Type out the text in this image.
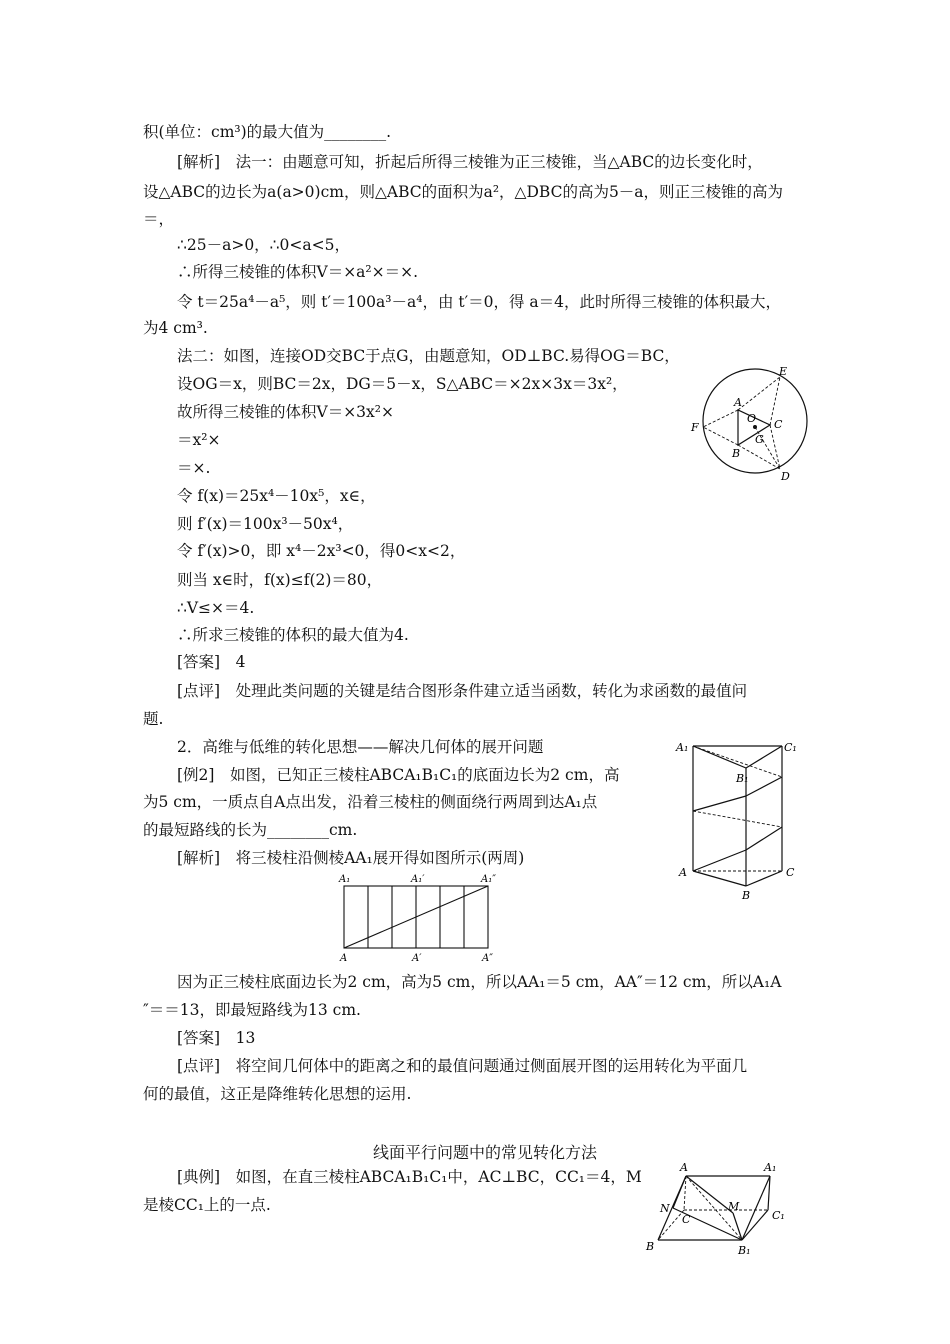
积(单位：cm³)的最大值为________.
[解析]　法一：由题意可知，折起后所得三棱锥为正三棱锥，当△ABC的边长变化时，
设△ABC的边长为a(a>0)cm，则△ABC的面积为a²，△DBC的高为5－a，则正三棱锥的高为
＝，
∴25－a>0，∴0<a<5，
∴所得三棱锥的体积V＝×a²×＝×.
令 t＝25a⁴－a⁵，则 t′＝100a³－a⁴，由 t′＝0，得 a＝4，此时所得三棱锥的体积最大，
为4 cm³.
法二：如图，连接OD交BC于点G，由题意知，OD⊥BC.易得OG＝BC，
设OG＝x，则BC＝2x，DG＝5－x，S△ABC＝×2x×3x＝3x²，
故所得三棱锥的体积V＝×3x²×
＝x²×
＝×.
令 f(x)＝25x⁴－10x⁵，x∈，
则 f′(x)＝100x³－50x⁴，
令 f′(x)>0，即 x⁴－2x³<0，得0<x<2，
则当 x∈时，f(x)≤f(2)＝80，
∴V≤×＝4.
∴所求三棱锥的体积的最大值为4.
[答案]　4
[点评]　处理此类问题的关键是结合图形条件建立适当函数，转化为求函数的最值问
题.
2．高维与低维的转化思想——解决几何体的展开问题
[例2]　如图，已知正三棱柱ABCA₁B₁C₁的底面边长为2 cm，高
为5 cm，一质点自A点出发，沿着三棱柱的侧面绕行两周到达A₁点
的最短路线的长为________cm.
[解析]　将三棱柱沿侧棱AA₁展开得如图所示(两周)
因为正三棱柱底面边长为2 cm，高为5 cm，所以AA₁＝5 cm，AA″＝12 cm，所以A₁A
″＝＝13，即最短路线为13 cm.
[答案]　13
[点评]　将空间几何体中的距离之和的最值问题通过侧面展开图的运用转化为平面几
何的最值，这正是降维转化思想的运用.
线面平行问题中的常见转化方法
[典例]　如图，在直三棱柱ABCA₁B₁C₁中，AC⊥BC，CC₁＝4，M
是棱CC₁上的一点.
E
A
O C
F
B
G
D
A₁	C₁
B₁
A	C
B
A₁	A₁′	A₁″
A	A′	A″
A	A₁
N
C
M
C₁
B	B₁
